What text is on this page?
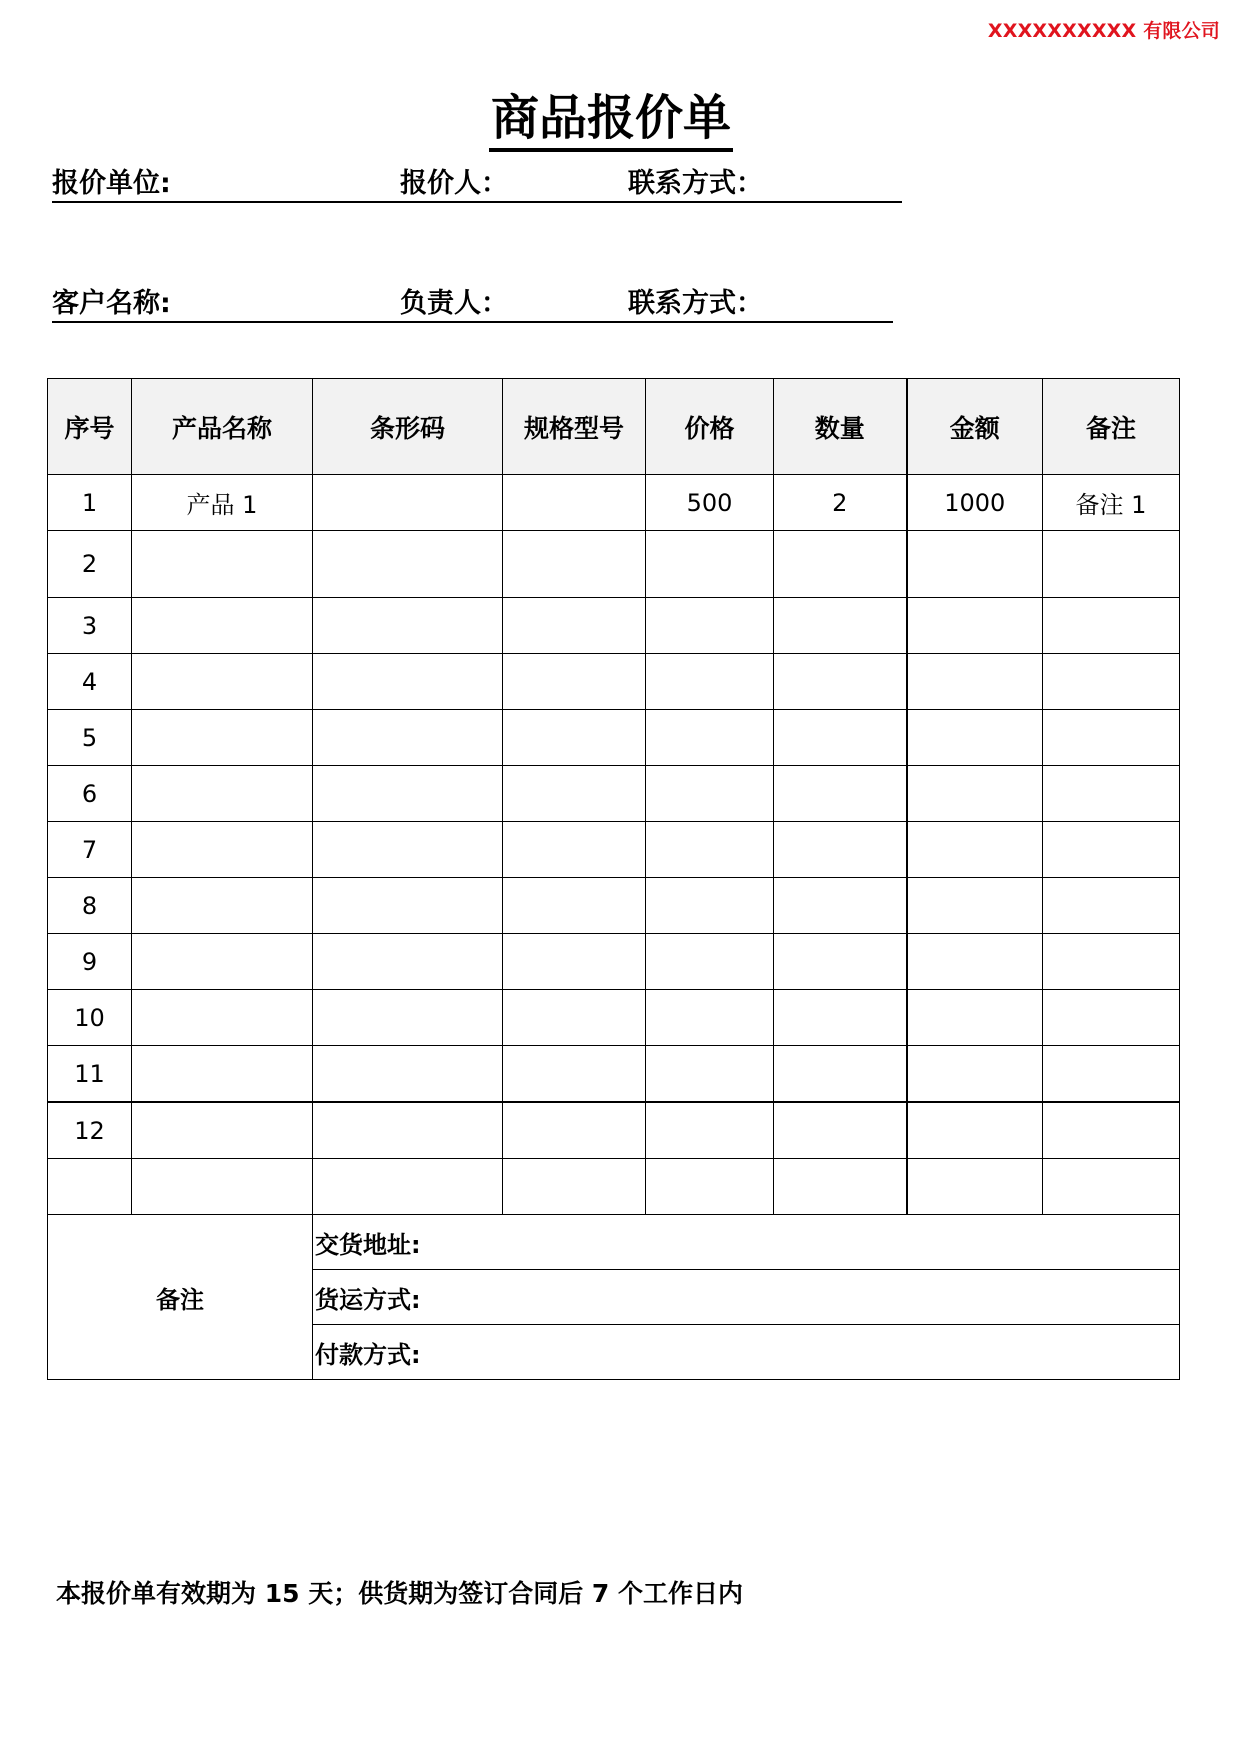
XXXXXXXXXX 有限公司
商品报价单
报价单位:	报价人：	联系方式：
客户名称:	负责人：	联系方式：
序号	产品名称	条形码	规格型号	价格	数量	金额	备注
1	产品 1			500	2	1000	备注 1
2							
3							
4							
5							
6							
7							
8							
9							
10							
11							
12							

备注		交货地址:					
		货运方式:					
		付款方式:					
本报价单有效期为 15 天；供货期为签订合同后 7 个工作日内
